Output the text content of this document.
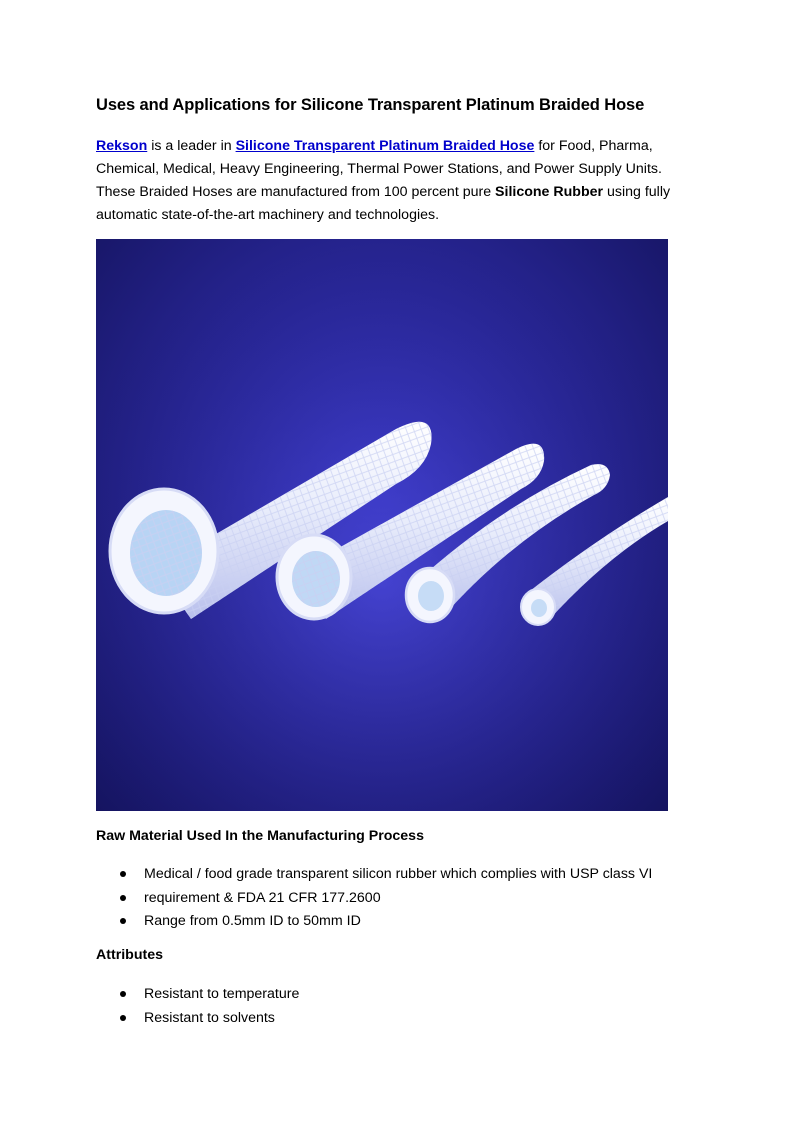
Uses and Applications for Silicone Transparent Platinum Braided Hose

Rekson is a leader in Silicone Transparent Platinum Braided Hose for Food, Pharma, Chemical, Medical, Heavy Engineering, Thermal Power Stations, and Power Supply Units. These Braided Hoses are manufactured from 100 percent pure Silicone Rubber using fully automatic state-of-the-art machinery and technologies.

Raw Material Used In the Manufacturing Process
Medical / food grade transparent silicon rubber which complies with USP class VI
requirement & FDA 21 CFR 177.2600
Range from 0.5mm ID to 50mm ID
Attributes
Resistant to temperature
Resistant to solvents
